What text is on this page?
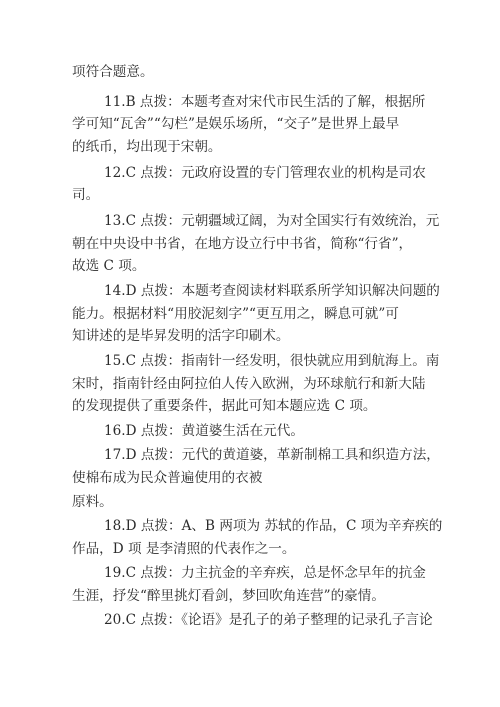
项符合题意。
11.B 点拨：本题考查对宋代市民生活的了解，根据所
学可知“瓦舍”“勾栏”是娱乐场所，“交子”是世界上最早
的纸币，均出现于宋朝。
12.C 点拨：元政府设置的专门管理农业的机构是司农
司。
13.C 点拨：元朝疆域辽阔，为对全国实行有效统治，元
朝在中央设中书省，在地方设立行中书省，简称“行省”，
故选 C 项。
14.D 点拨：本题考查阅读材料联系所学知识解决问题的
能力。根据材料“用胶泥刻字”“更互用之，瞬息可就”可
知讲述的是毕昇发明的活字印刷术。
15.C 点拨：指南针一经发明，很快就应用到航海上。南
宋时，指南针经由阿拉伯人传入欧洲，为环球航行和新大陆
的发现提供了重要条件，据此可知本题应选 C 项。
16.D 点拨：黄道婆生活在元代。
17.D 点拨：元代的黄道婆，革新制棉工具和织造方法，
使棉布成为民众普遍使用的衣被
原料。
18.D 点拨：A、B 两项为 苏轼的作品，C 项为辛弃疾的
作品，D 项 是李清照的代表作之一。
19.C 点拨：力主抗金的辛弃疾，总是怀念早年的抗金
生涯，抒发“醉里挑灯看剑，梦回吹角连营”的豪情。
20.C 点拨：《论语》是孔子的弟子整理的记录孔子言论
